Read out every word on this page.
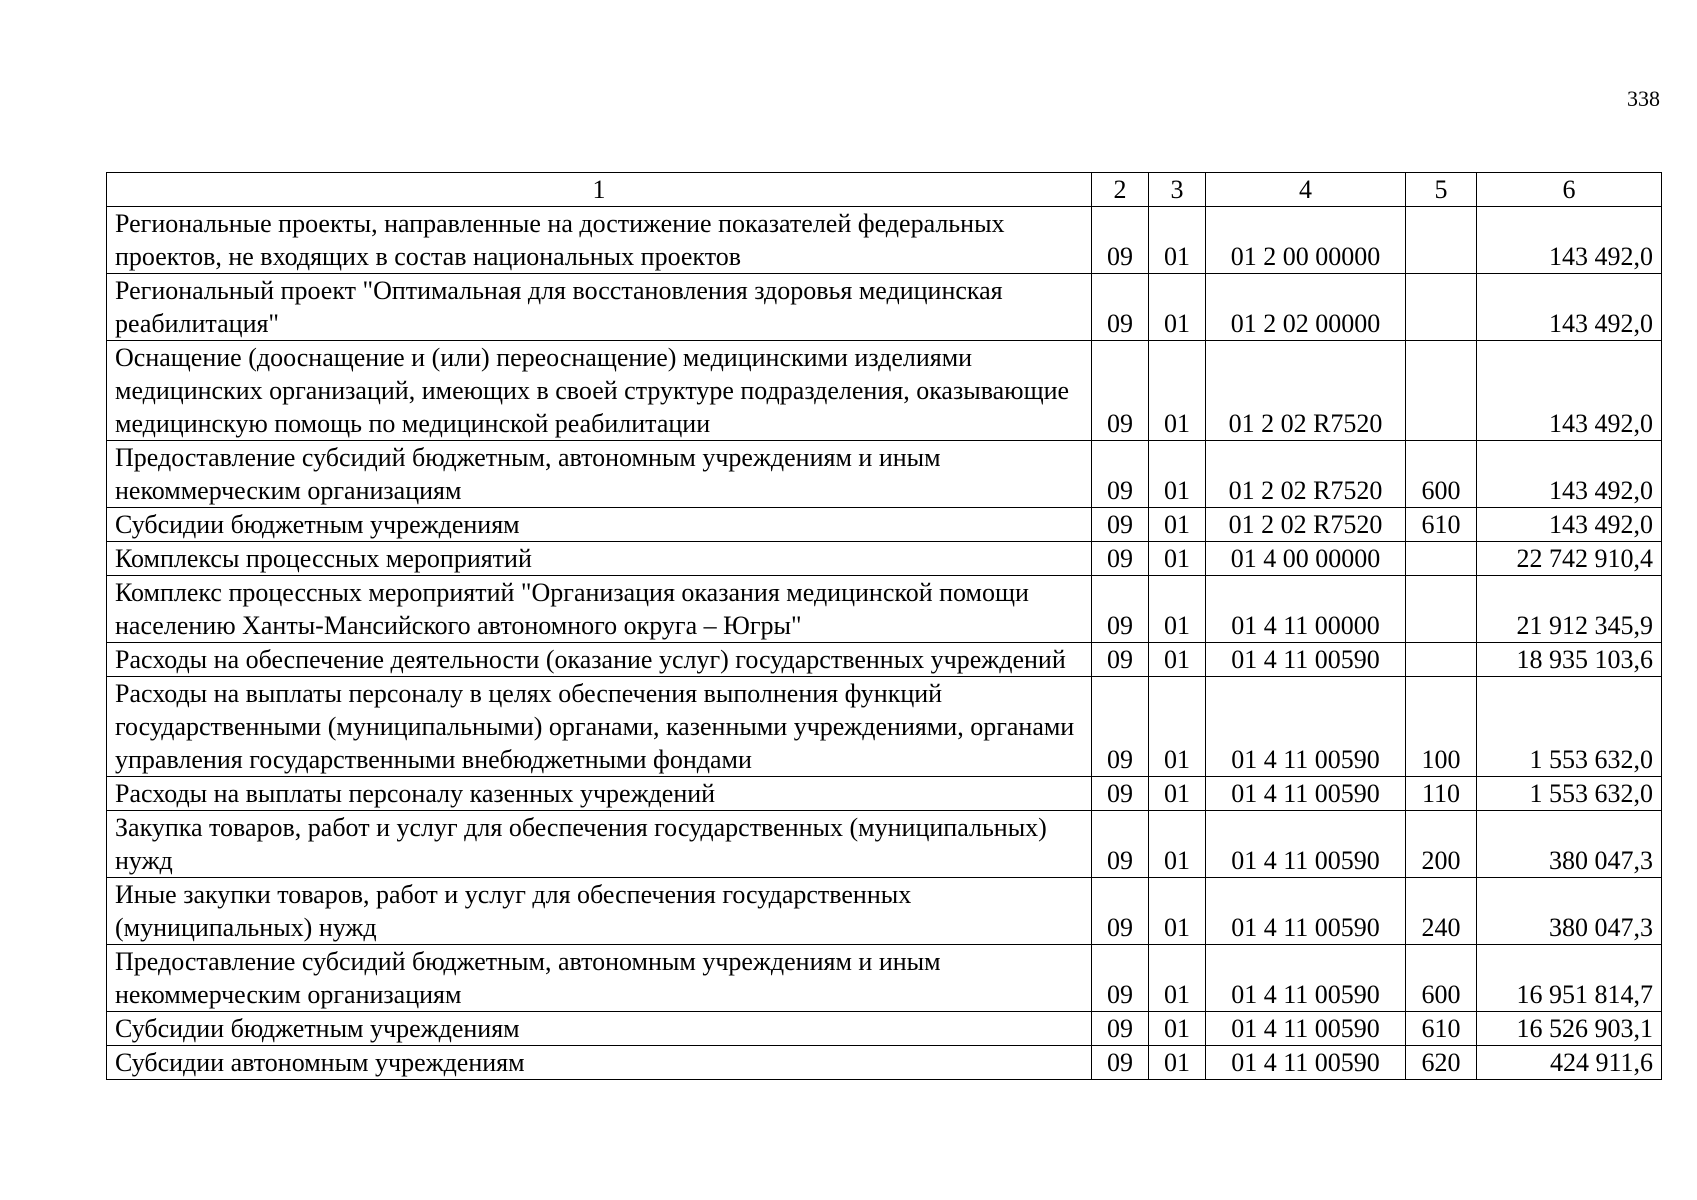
338
1	2	3	4	5	6
Региональные проекты, направленные на достижение показателей федеральных проектов, не входящих в состав национальных проектов	09	01	01 2 00 00000		143 492,0
Региональный проект "Оптимальная для восстановления здоровья медицинская реабилитация"	09	01	01 2 02 00000		143 492,0
Оснащение (дооснащение и (или) переоснащение) медицинскими изделиями медицинских организаций, имеющих в своей структуре подразделения, оказывающие медицинскую помощь по медицинской реабилитации	09	01	01 2 02 R7520		143 492,0
Предоставление субсидий бюджетным, автономным учреждениям и иным некоммерческим организациям	09	01	01 2 02 R7520	600	143 492,0
Субсидии бюджетным учреждениям	09	01	01 2 02 R7520	610	143 492,0
Комплексы процессных мероприятий	09	01	01 4 00 00000		22 742 910,4
Комплекс процессных мероприятий "Организация оказания медицинской помощи населению Ханты-Мансийского автономного округа – Югры"	09	01	01 4 11 00000		21 912 345,9
Расходы на обеспечение деятельности (оказание услуг) государственных учреждений	09	01	01 4 11 00590		18 935 103,6
Расходы на выплаты персоналу в целях обеспечения выполнения функций государственными (муниципальными) органами, казенными учреждениями, органами управления государственными внебюджетными фондами	09	01	01 4 11 00590	100	1 553 632,0
Расходы на выплаты персоналу казенных учреждений	09	01	01 4 11 00590	110	1 553 632,0
Закупка товаров, работ и услуг для обеспечения государственных (муниципальных) нужд	09	01	01 4 11 00590	200	380 047,3
Иные закупки товаров, работ и услуг для обеспечения государственных (муниципальных) нужд	09	01	01 4 11 00590	240	380 047,3
Предоставление субсидий бюджетным, автономным учреждениям и иным некоммерческим организациям	09	01	01 4 11 00590	600	16 951 814,7
Субсидии бюджетным учреждениям	09	01	01 4 11 00590	610	16 526 903,1
Субсидии автономным учреждениям	09	01	01 4 11 00590	620	424 911,6
